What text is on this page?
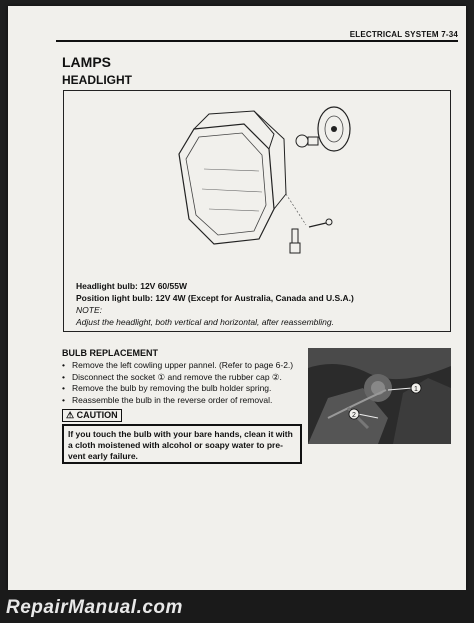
ELECTRICAL SYSTEM 7-34
LAMPS
HEADLIGHT
Headlight bulb: 12V 60/55W
Position light bulb: 12V 4W (Except for Australia, Canada and U.S.A.)
NOTE:
Adjust the headlight, both vertical and horizontal, after reassembling.
BULB REPLACEMENT
• Remove the left cowling upper pannel. (Refer to page 6-2.)
• Disconnect the socket ① and remove the rubber cap ②.
• Remove the bulb by removing the bulb holder spring.
• Reassemble the bulb in the reverse order of removal.
⚠ CAUTION

If you touch the bulb with your bare hands, clean it with

a cloth moistened with alcohol or soapy water to pre-

vent early failure.

1
2
RepairManual.com
